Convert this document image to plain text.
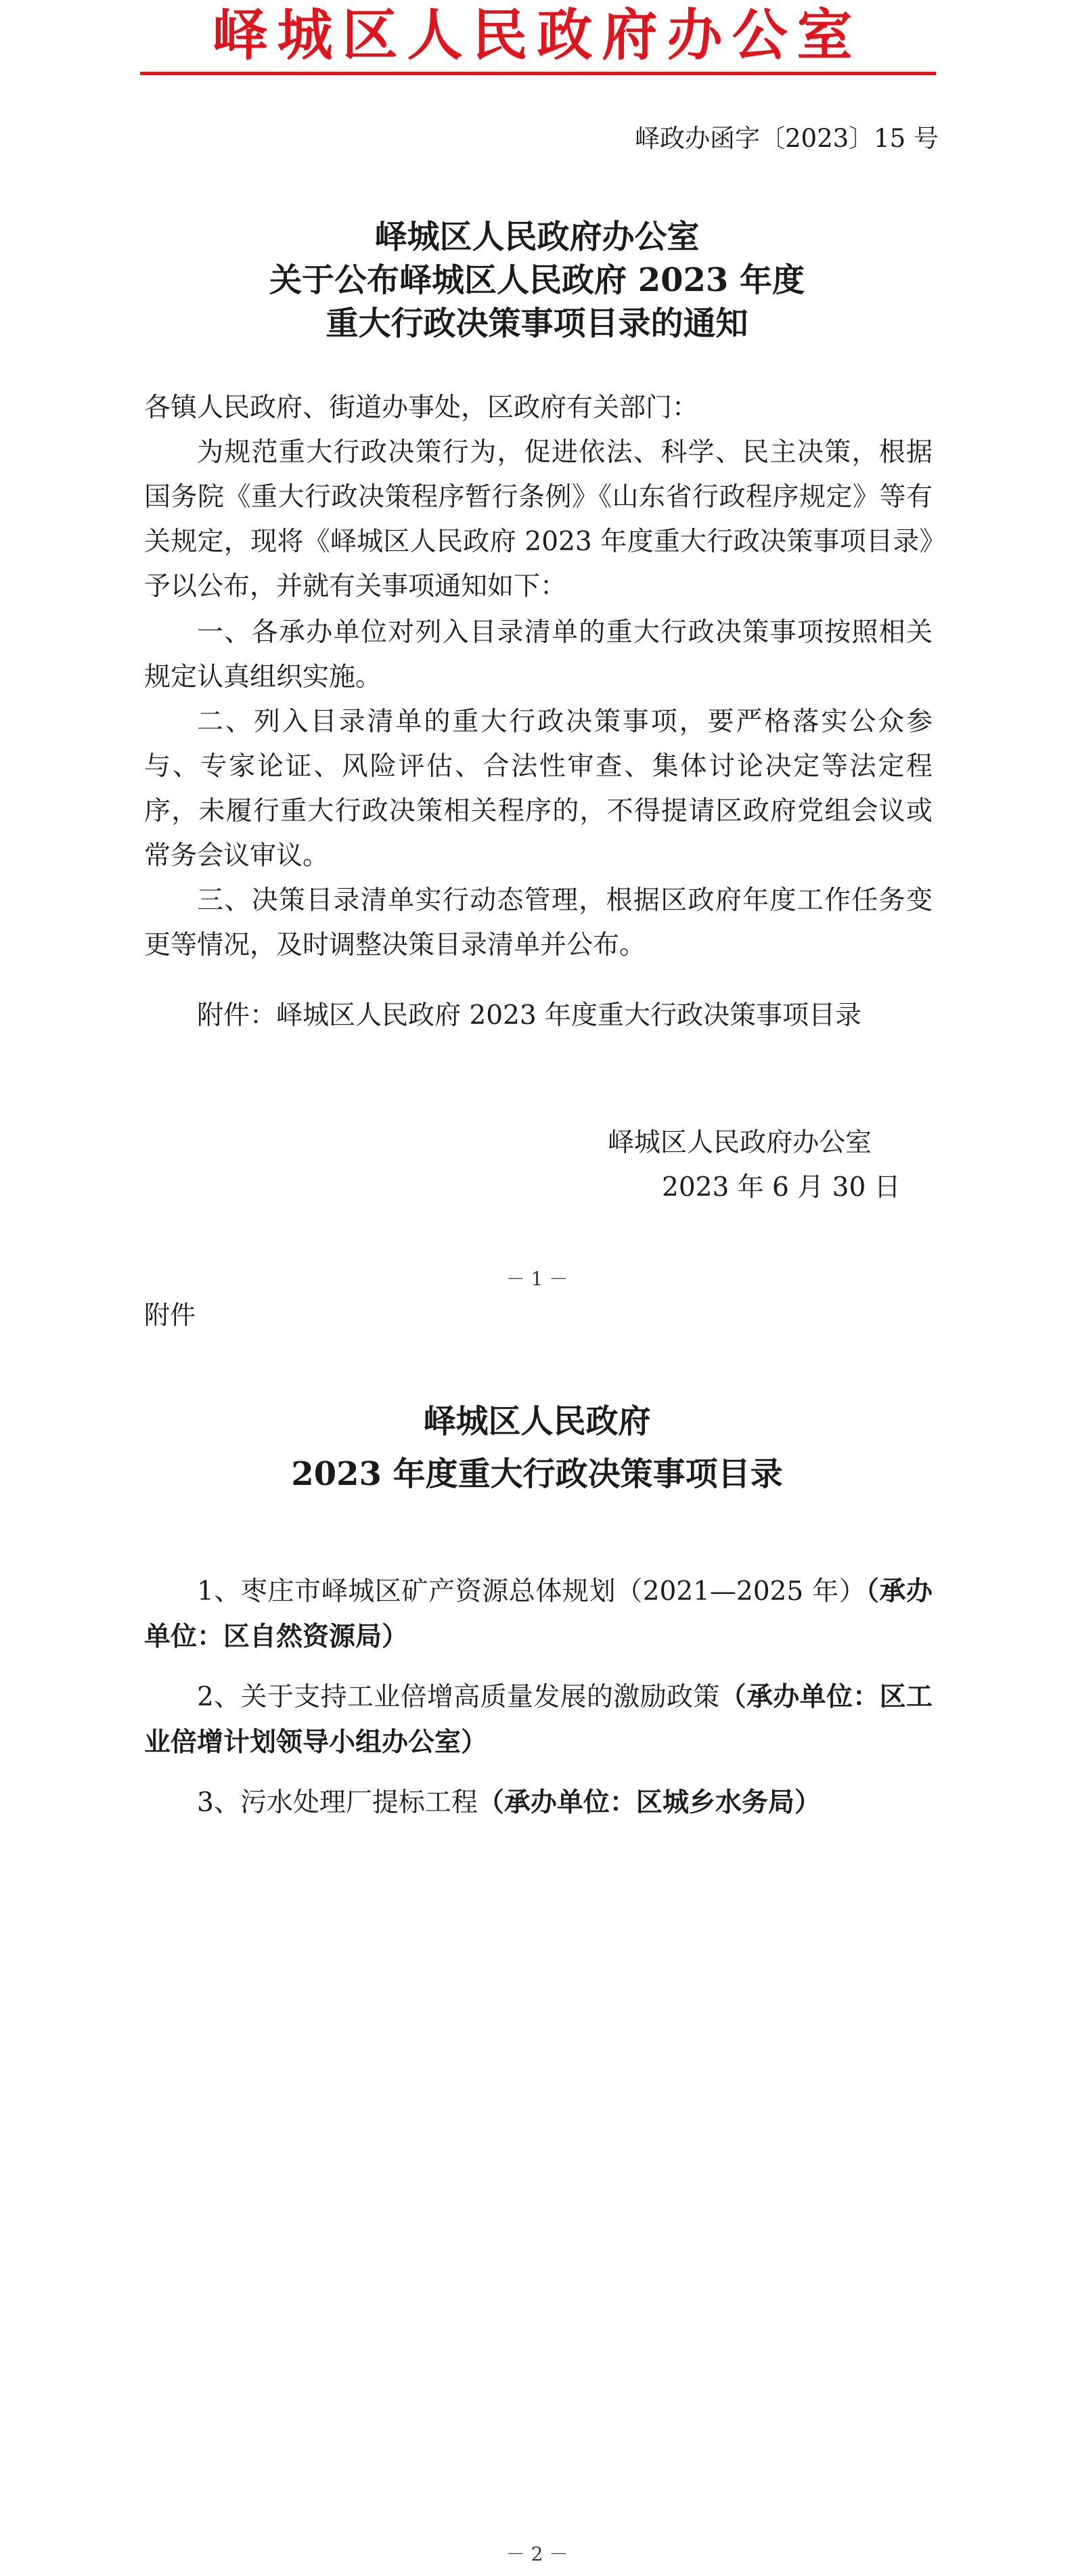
峄城区人民政府办公室
峄政办函字〔2023〕15 号
峄城区人民政府办公室
关于公布峄城区人民政府 2023 年度
重大行政决策事项目录的通知

各镇人民政府、街道办事处，区政府有关部门：

为规范重大行政决策行为，促进依法、科学、民主决策，根据国务院《重大行政决策程序暂行条例》《山东省行政程序规定》等有关规定，现将《峄城区人民政府 2023 年度重大行政决策事项目录》予以公布，并就有关事项通知如下：

一、各承办单位对列入目录清单的重大行政决策事项按照相关规定认真组织实施。

二、列入目录清单的重大行政决策事项，要严格落实公众参与、专家论证、风险评估、合法性审查、集体讨论决定等法定程序，未履行重大行政决策相关程序的，不得提请区政府党组会议或常务会议审议。

三、决策目录清单实行动态管理，根据区政府年度工作任务变更等情况，及时调整决策目录清单并公布。

附件：峄城区人民政府 2023 年度重大行政决策事项目录

峄城区人民政府办公室
2023 年 6 月 30 日
－ 1 －
附件
峄城区人民政府
2023 年度重大行政决策事项目录

1、枣庄市峄城区矿产资源总体规划（2021—2025 年）（承办单位：区自然资源局）

2、关于支持工业倍增高质量发展的激励政策（承办单位：区工业倍增计划领导小组办公室）

3、污水处理厂提标工程（承办单位：区城乡水务局）

－ 2 －
